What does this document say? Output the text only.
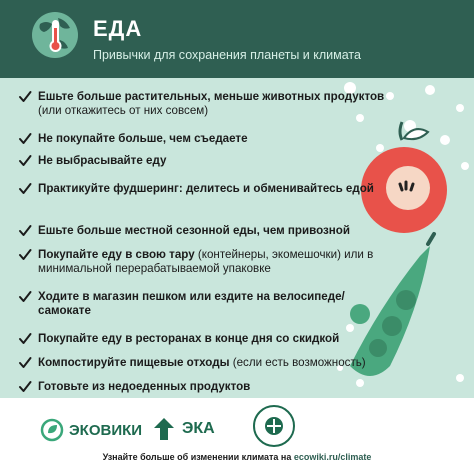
ЕДА
Привычки для сохранения планеты и климата
Ешьте больше растительных, меньше животных продуктов (или откажитесь от них совсем)
Не покупайте больше, чем съедаете
Не выбрасывайте еду
Практикуйте фудшеринг: делитесь и обменивайтесь едой
Ешьте больше местной сезонной еды, чем привозной
Покупайте еду в свою тару (контейнеры, экомешочки) или в минимальной перерабатываемой упаковке
Ходите в магазин пешком или ездите на велосипеде/самокате
Покупайте еду в ресторанах в конце дня со скидкой
Компостируйте пищевые отходы (если есть возможность)
Готовьте из недоеденных продуктов
ЭКОВИКИ ЭКА
Узнайте больше об изменении климата на ecowiki.ru/climate
